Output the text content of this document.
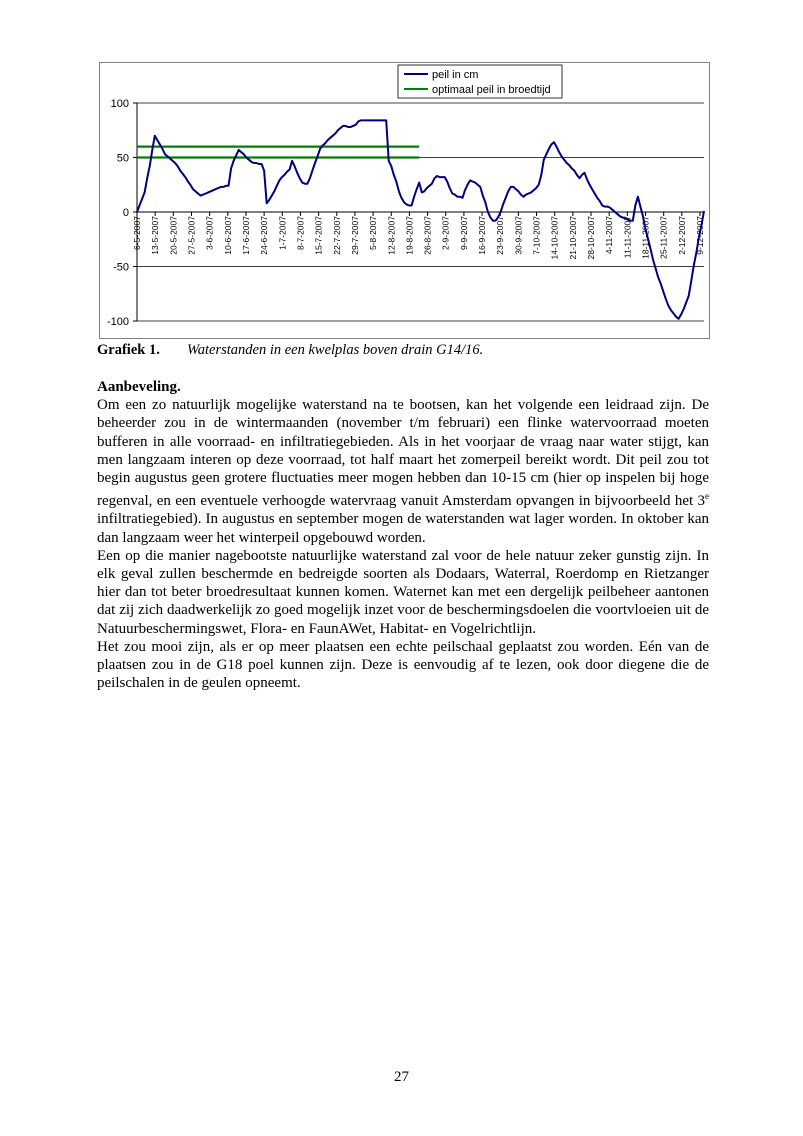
100
50
0
-50
-100
6-5-2007 13-5-2007 20-5-2007 27-5-2007 3-6-2007 10-6-2007 17-6-2007 24-6-2007 1-7-2007 8-7-2007 15-7-2007 22-7-2007 29-7-2007 5-8-2007 12-8-2007 19-8-2007 26-8-2007 2-9-2007 9-9-2007 16-9-2007 23-9-2007 30-9-2007 7-10-2007 14-10-2007 21-10-2007 28-10-2007 4-11-2007 11-11-2007 18-11-2007 25-11-2007 2-12-2007 9-12-2007
peil in cm
optimaal peil in broedtijd
Grafiek 1. Waterstanden in een kwelplas boven drain G14/16.
Aanbeveling.

Om een zo natuurlijk mogelijke waterstand na te bootsen, kan het volgende een leidraad zijn. De beheerder zou in de wintermaanden (november t/m februari) een flinke watervoorraad moeten bufferen in alle voorraad- en infiltratiegebieden. Als in het voorjaar de vraag naar water stijgt, kan men langzaam interen op deze voorraad, tot half maart het zomerpeil bereikt wordt. Dit peil zou tot begin augustus geen grotere fluctuaties meer mogen hebben dan 10-15 cm (hier op inspelen bij hoge regenval, en een eventuele verhoogde watervraag vanuit Amsterdam opvangen in bijvoorbeeld het 3e infiltratiegebied). In augustus en september mogen de waterstanden wat lager worden. In oktober kan dan langzaam weer het winterpeil opgebouwd worden.

Een op die manier nagebootste natuurlijke waterstand zal voor de hele natuur zeker gunstig zijn. In elk geval zullen beschermde en bedreigde soorten als Dodaars, Waterral, Roerdomp en Rietzanger hier dan tot beter broedresultaat kunnen komen. Waternet kan met een dergelijk peilbeheer aantonen dat zij zich daadwerkelijk zo goed mogelijk inzet voor de beschermingsdoelen die voortvloeien uit de Natuurbeschermingswet, Flora- en FaunAWet, Habitat- en Vogelrichtlijn.

Het zou mooi zijn, als er op meer plaatsen een echte peilschaal geplaatst zou worden. Eén van de plaatsen zou in de G18 poel kunnen zijn. Deze is eenvoudig af te lezen, ook door diegene die de peilschalen in de geulen opneemt.

27
